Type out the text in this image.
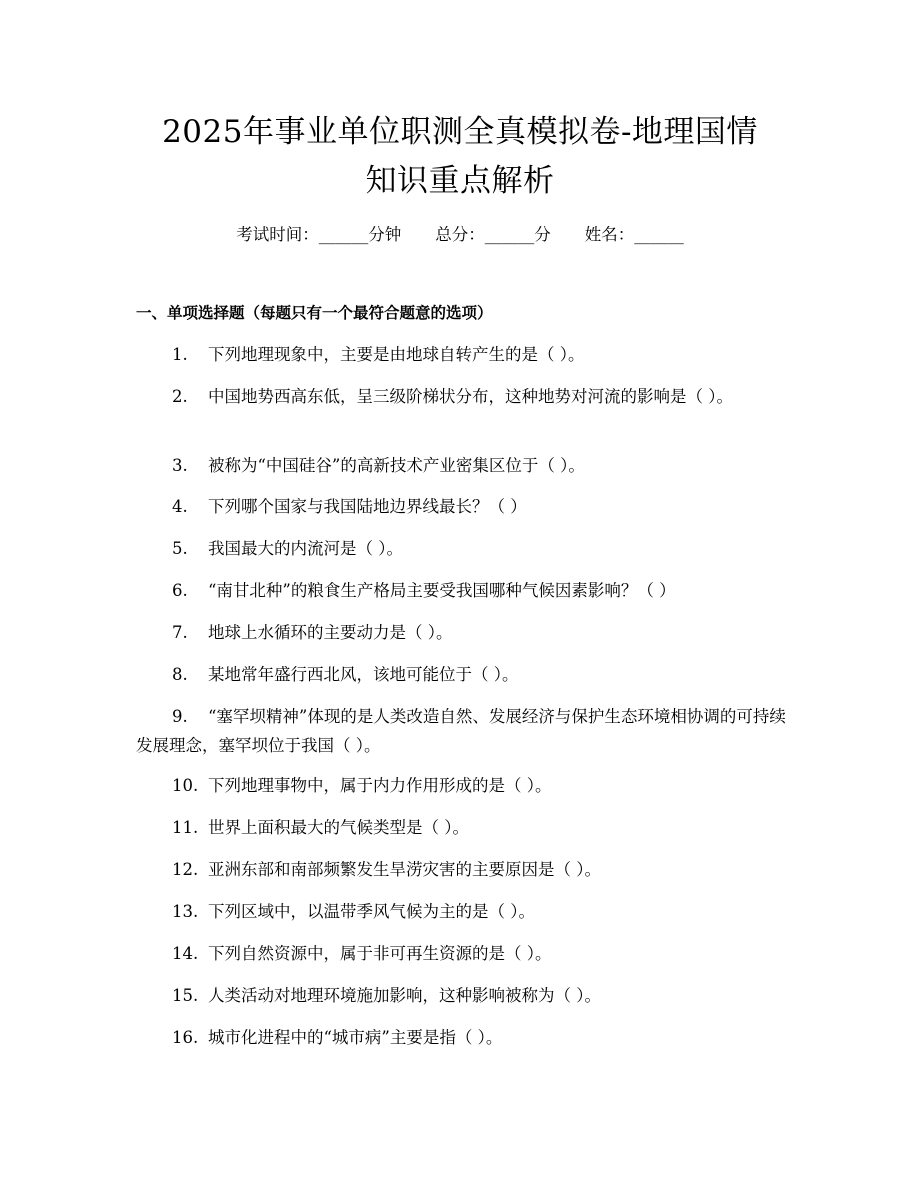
2025年事业单位职测全真模拟卷-地理国情
知识重点解析
考试时间：______分钟 总分：______分 姓名：______
一、单项选择题（每题只有一个最符合题意的选项）
1. 下列地理现象中，主要是由地球自转产生的是（ ）。
2. 中国地势西高东低，呈三级阶梯状分布，这种地势对河流的影响是（ ）。
3. 被称为“中国硅谷”的高新技术产业密集区位于（ ）。
4. 下列哪个国家与我国陆地边界线最长？（ ）
5. 我国最大的内流河是（ ）。
6. “南甘北种”的粮食生产格局主要受我国哪种气候因素影响？（ ）
7. 地球上水循环的主要动力是（ ）。
8. 某地常年盛行西北风，该地可能位于（ ）。
9. “塞罕坝精神”体现的是人类改造自然、发展经济与保护生态环境相协调的可持续发展理念，塞罕坝位于我国（ ）。
10. 下列地理事物中，属于内力作用形成的是（ ）。
11. 世界上面积最大的气候类型是（ ）。
12. 亚洲东部和南部频繁发生旱涝灾害的主要原因是（ ）。
13. 下列区域中，以温带季风气候为主的是（ ）。
14. 下列自然资源中，属于非可再生资源的是（ ）。
15. 人类活动对地理环境施加影响，这种影响被称为（ ）。
16. 城市化进程中的“城市病”主要是指（ ）。
